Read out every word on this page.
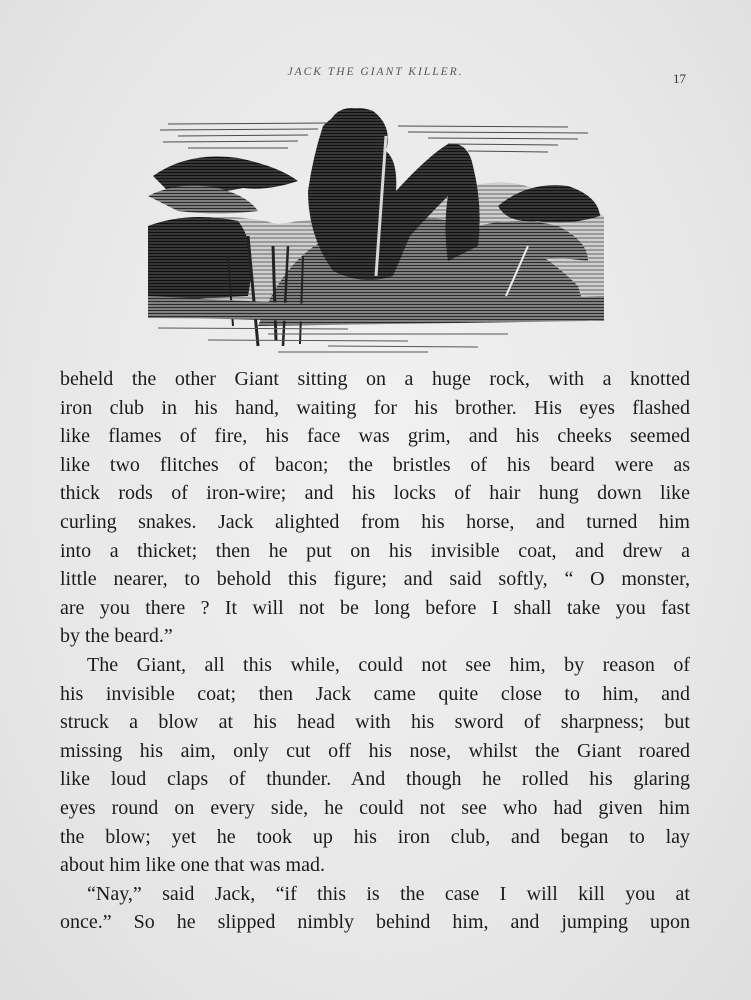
JACK THE GIANT KILLER.	17
beheld the other Giant sitting on a huge rock, with a knotted
iron club in his hand, waiting for his brother. His eyes flashed
like flames of fire, his face was grim, and his cheeks seemed
like two flitches of bacon; the bristles of his beard were as
thick rods of iron-wire; and his locks of hair hung down like
curling snakes. Jack alighted from his horse, and turned him
into a thicket; then he put on his invisible coat, and drew a
little nearer, to behold this figure; and said softly, “ O monster,
are you there ? It will not be long before I shall take you fast
by the beard.”
The Giant, all this while, could not see him, by reason of
his invisible coat; then Jack came quite close to him, and
struck a blow at his head with his sword of sharpness; but
missing his aim, only cut off his nose, whilst the Giant roared
like loud claps of thunder. And though he rolled his glaring
eyes round on every side, he could not see who had given him
the blow; yet he took up his iron club, and began to lay
about him like one that was mad.
“Nay,” said Jack, “if this is the case I will kill you at
once.” So he slipped nimbly behind him, and jumping upon
